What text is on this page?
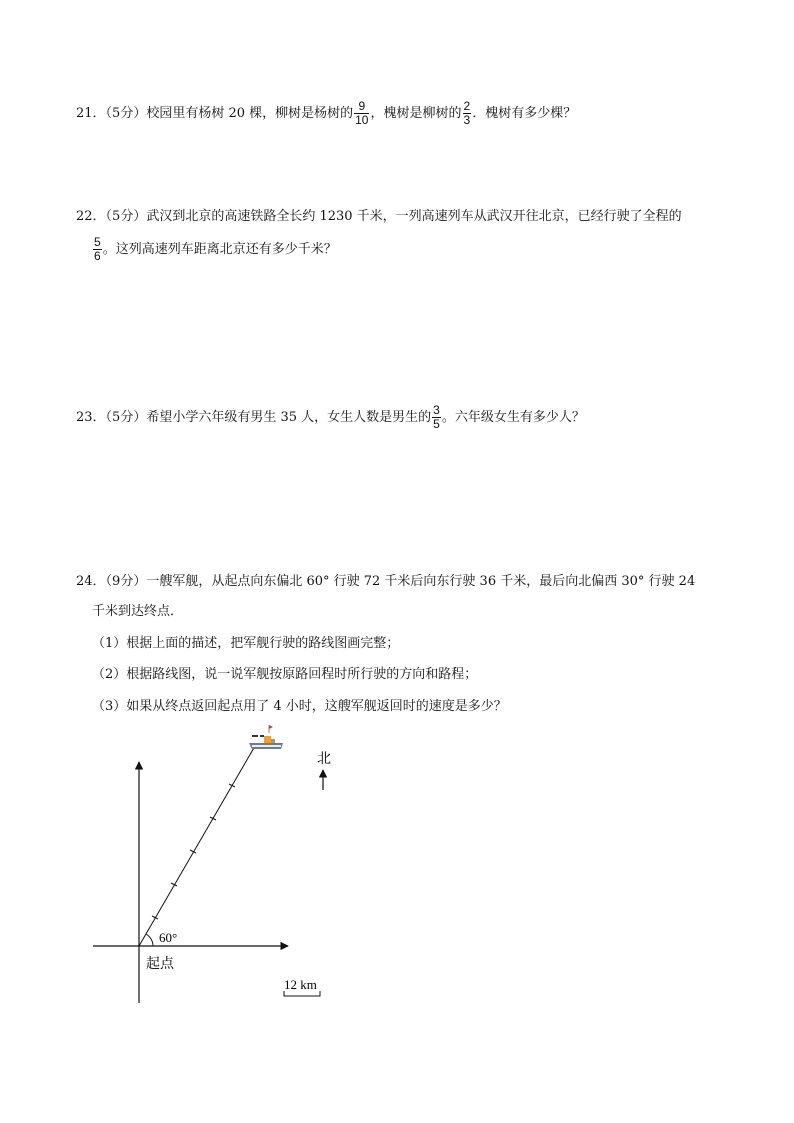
21．（5分）校园里有杨树 20 棵，柳树是杨树的 $\frac{9}{10}$ ，槐树是柳树的 $\frac{2}{3}$ ．槐树有多少棵？
22．（5分）武汉到北京的高速铁路全长约 1230 千米，一列高速列车从武汉开往北京，已经行驶了全程的
$\frac{5}{6}$ 。这列高速列车距离北京还有多少千米？
23．（5分）希望小学六年级有男生 35 人，女生人数是男生的 $\frac{3}{5}$ 。六年级女生有多少人？
24．（9分）一艘军舰，从起点向东偏北 60° 行驶 72 千米后向东行驶 36 千米，最后向北偏西 30° 行驶 24
千米到达终点．
（1）根据上面的描述，把军舰行驶的路线图画完整；
（2）根据路线图，说一说军舰按原路回程时所行驶的方向和路程；
（3）如果从终点返回起点用了 4 小时，这艘军舰返回时的速度是多少？
60°
起点
北
12 km
